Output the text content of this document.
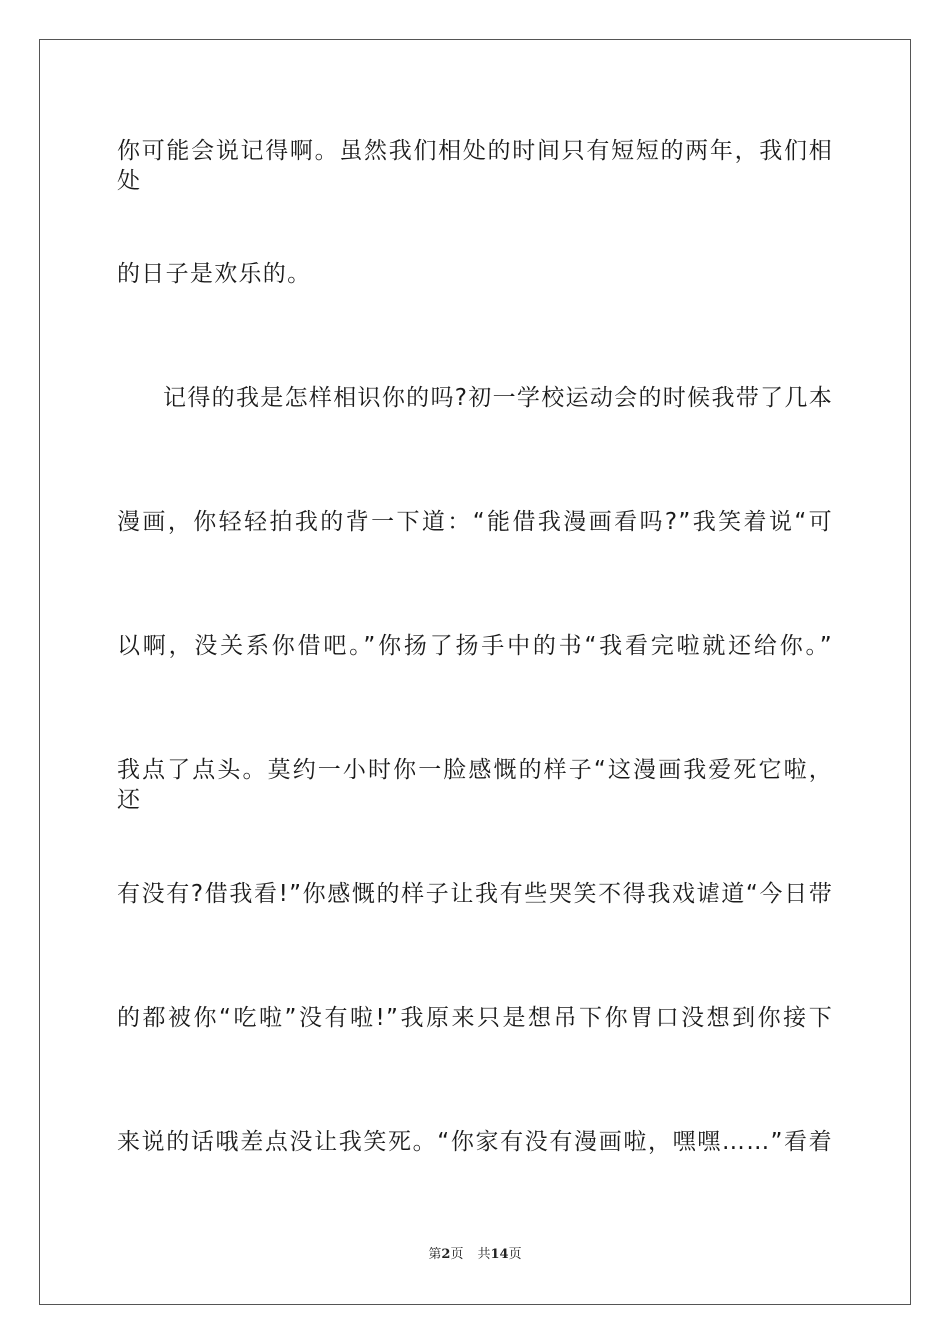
你可能会说记得啊。虽然我们相处的时间只有短短的两年，我们相处
的日子是欢乐的。
记得的我是怎样相识你的吗?初一学校运动会的时候我带了几本
漫画，你轻轻拍我的背一下道：“能借我漫画看吗?”我笑着说“可
以啊，没关系你借吧。”你扬了扬手中的书“我看完啦就还给你。”
我点了点头。莫约一小时你一脸感慨的样子“这漫画我爱死它啦，还
有没有?借我看!”你感慨的样子让我有些哭笑不得我戏谑道“今日带
的都被你“吃啦”没有啦!”我原来只是想吊下你胃口没想到你接下
来说的话哦差点没让我笑死。“你家有没有漫画啦，嘿嘿……”看着
第2页 共14页
